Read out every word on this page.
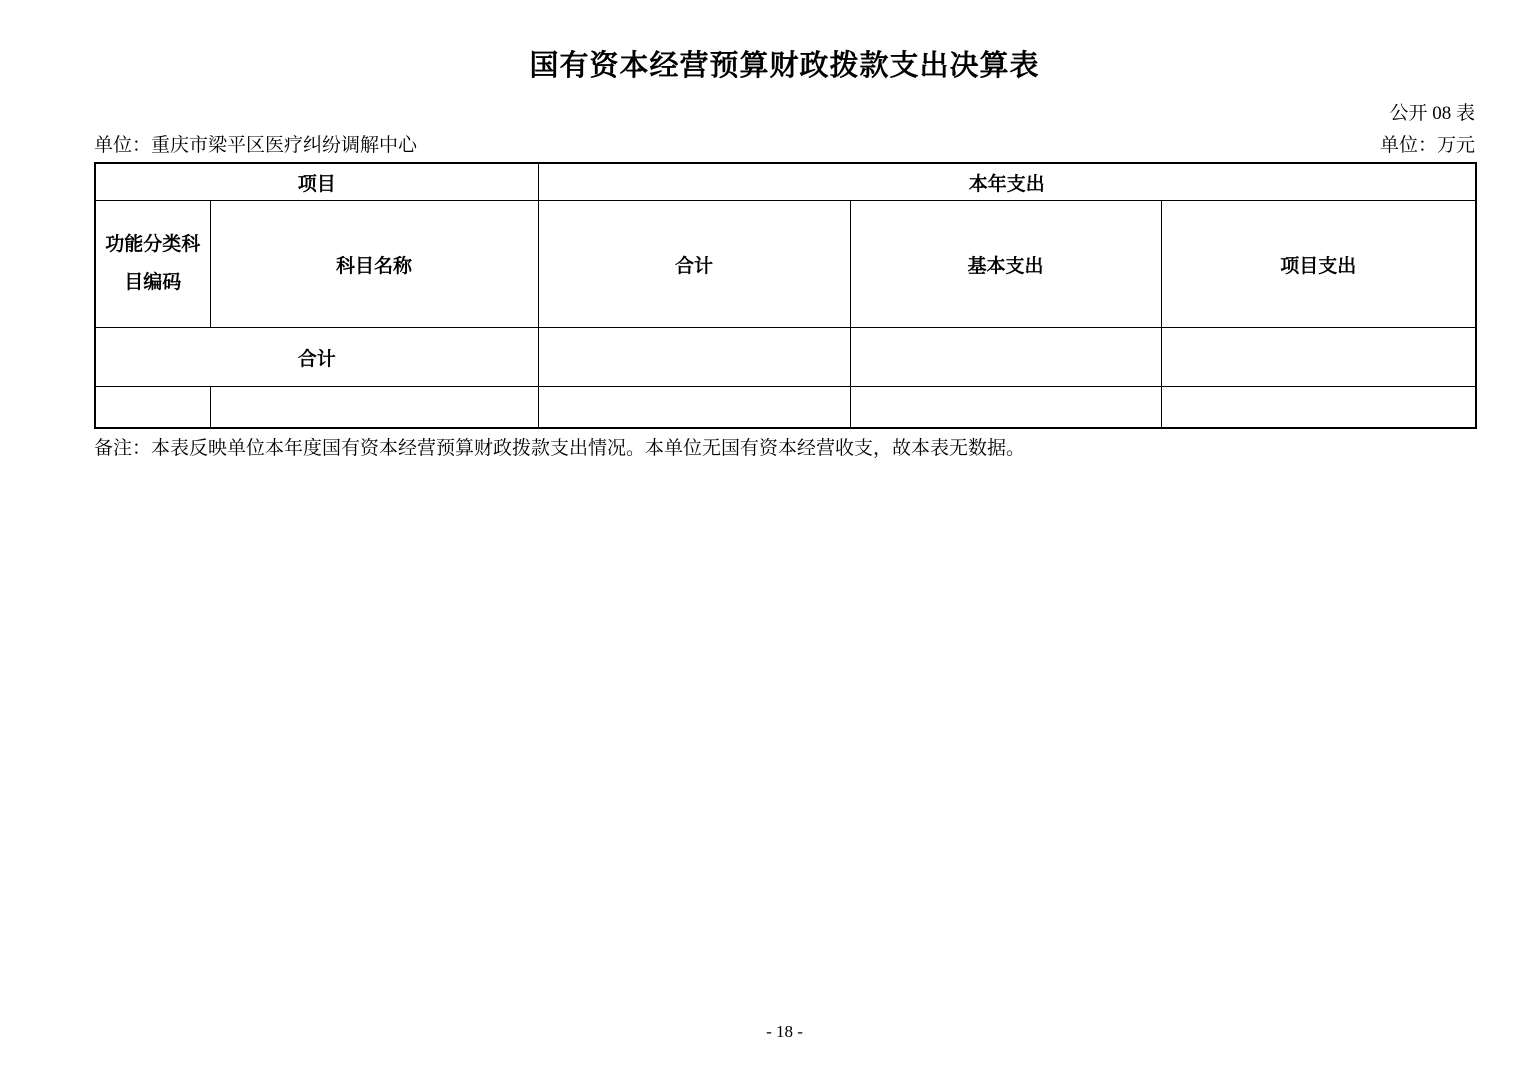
国有资本经营预算财政拨款支出决算表
公开 08 表
单位：重庆市梁平区医疗纠纷调解中心	单位：万元
项目		本年支出		
功能分类科目编码	科目名称	合计	基本支出	项目支出
合计				

备注：本表反映单位本年度国有资本经营预算财政拨款支出情况。本单位无国有资本经营收支，故本表无数据。
- 18 -
